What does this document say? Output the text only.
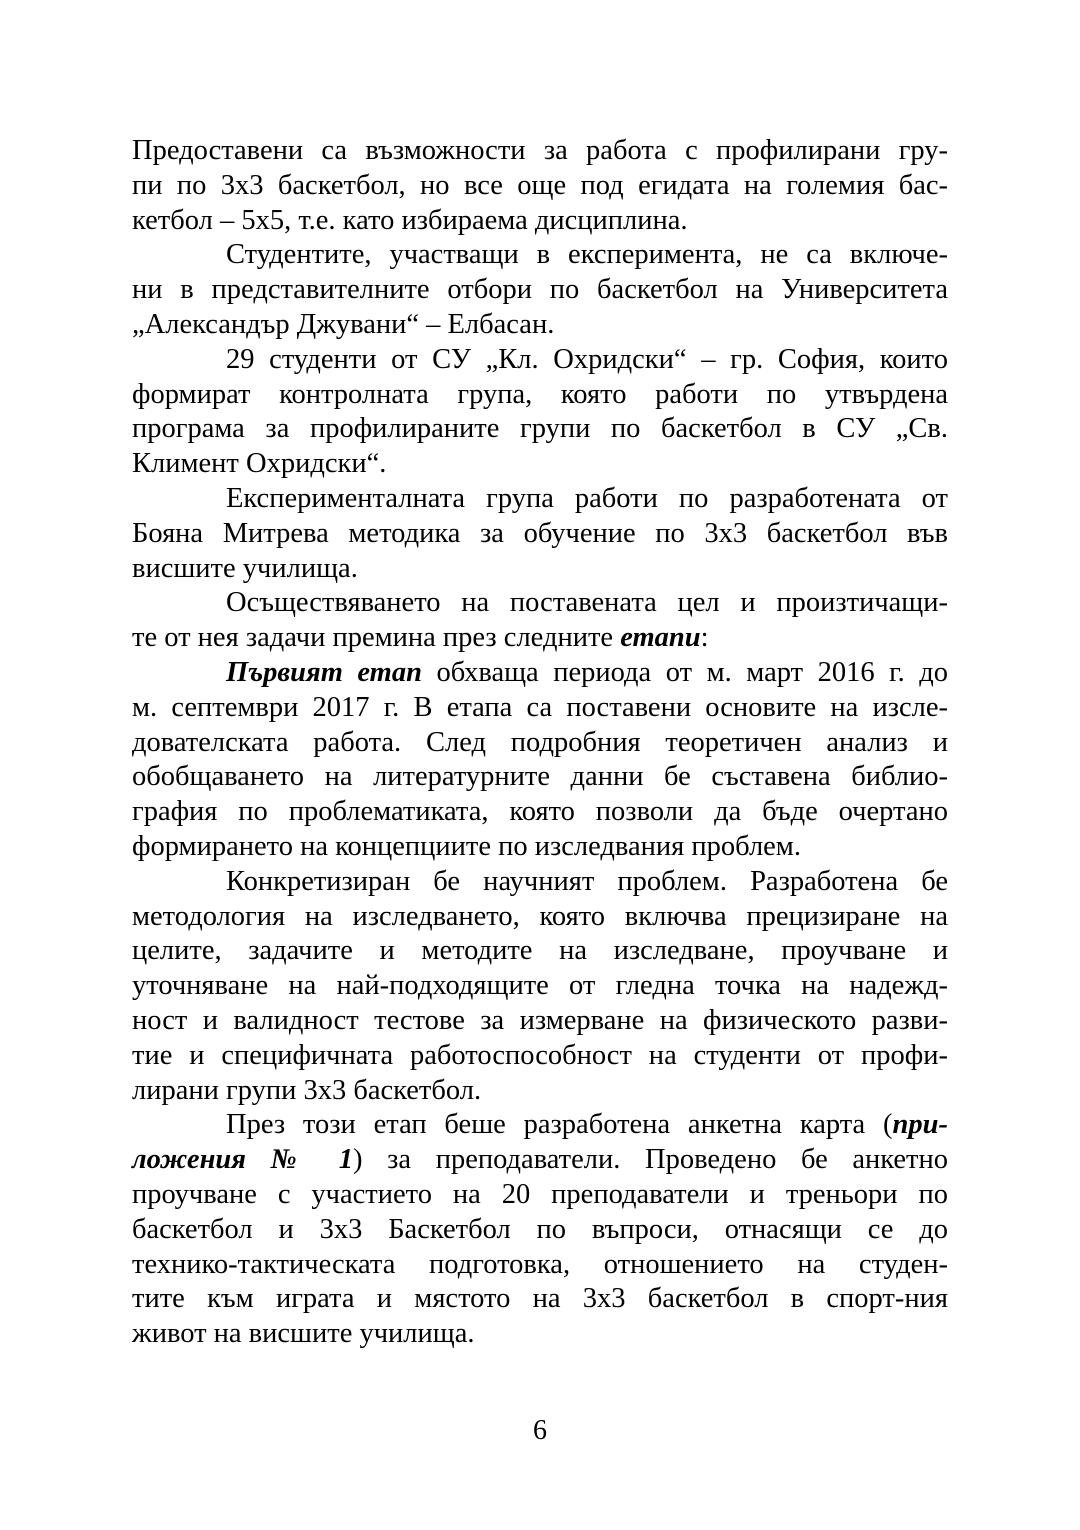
Предоставени са възможности за работа с профилирани гру-
пи по 3x3 баскетбол, но все още под егидата на големия бас-
кетбол – 5x5, т.е. като избираема дисциплина.
Студентите, участващи в експеримента, не са включе-
ни в представителните отбори по баскетбол на Университета
„Александър Джувани“ – Елбасан.
29 студенти от СУ „Кл. Охридски“ – гр. София, които
формират контролната група, която работи по утвърдена
програма за профилираните групи по баскетбол в СУ „Св.
Климент Охридски“.
Експерименталната група работи по разработената от
Бояна Митрева методика за обучение по 3x3 баскетбол във
висшите училища.
Осъществяването на поставената цел и произтичащи-
те от нея задачи премина през следните етапи:
Първият етап обхваща периода от м. март 2016 г. до
м. септември 2017 г. В етапа са поставени основите на изсле-
дователската работа. След подробния теоретичен анализ и
обобщаването на литературните данни бе съставена библио-
графия по проблематиката, която позволи да бъде очертано
формирането на концепциите по изследвания проблем.
Конкретизиран бе научният проблем. Разработена бе
методология на изследването, която включва прецизиране на
целите, задачите и методите на изследване, проучване и
уточняване на най-подходящите от гледна точка на надежд-
ност и валидност тестове за измерване на физическото разви-
тие и специфичната работоспособност на студенти от профи-
лирани групи 3x3 баскетбол.
През този етап беше разработена анкетна карта (при-
ложения № 1) за преподаватели. Проведено бе анкетно
проучване с участието на 20 преподаватели и треньори по
баскетбол и 3x3 Баскетбол по въпроси, отнасящи се до
технико-тактическата подготовка, отношението на студен-
тите към играта и мястото на 3x3 баскетбол в спорт-ния
живот на висшите училища.
6
